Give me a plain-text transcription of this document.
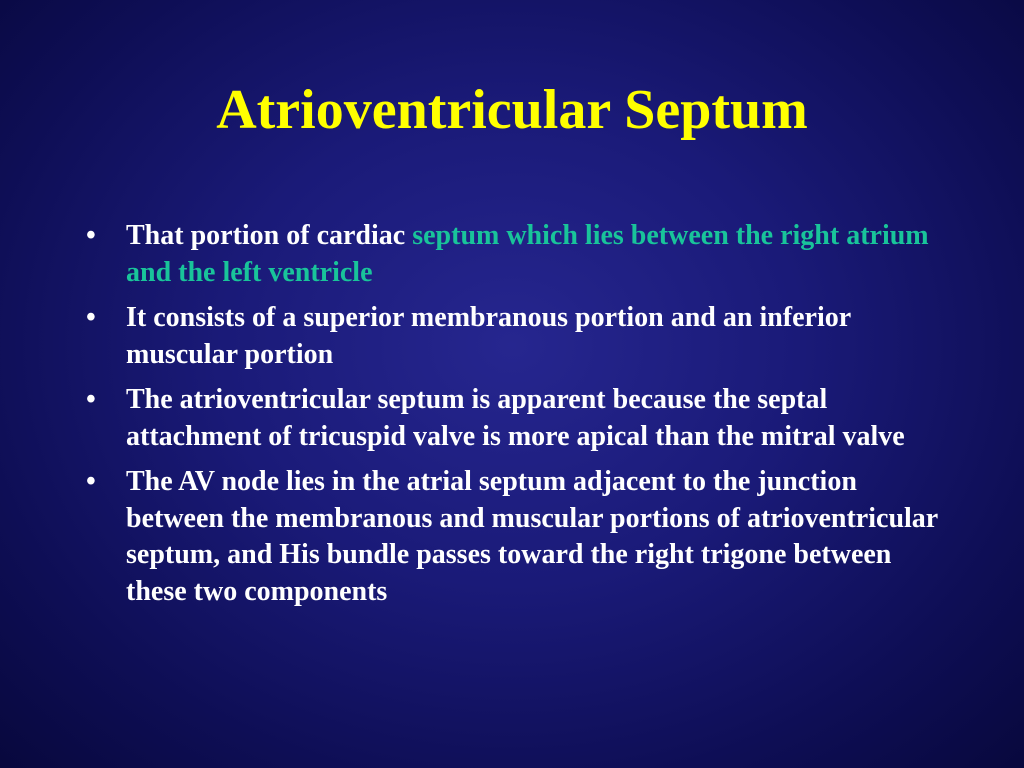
Atrioventricular Septum
• That portion of cardiac septum which lies between the right atrium and the left ventricle
• It consists of a superior membranous portion and an inferior muscular portion
• The atrioventricular septum is apparent because the septal attachment of tricuspid valve is more apical than the mitral valve
• The AV node lies in the atrial septum adjacent to the junction between the membranous and muscular portions of atrioventricular septum, and His bundle passes toward the right trigone between these two components
